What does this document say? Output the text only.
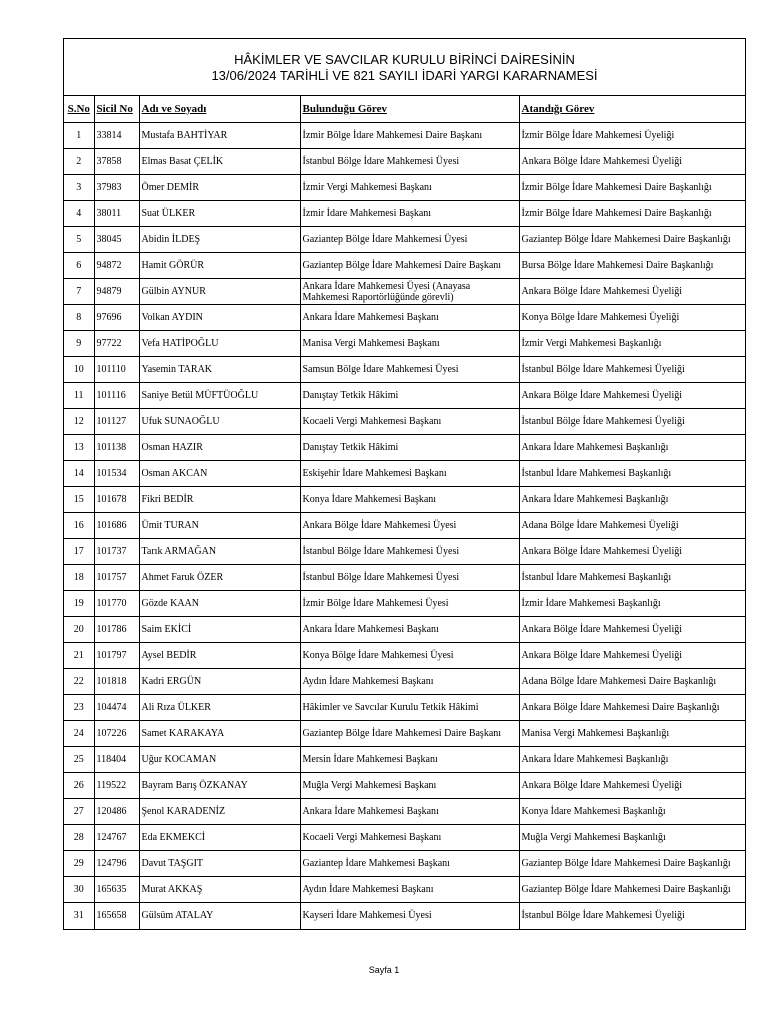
HÂKİMLER VE SAVCILAR KURULU BİRİNCİ DAİRESİNİN
13/06/2024 TARİHLİ VE 821 SAYILI İDARİ YARGI KARARNAMESİ
S.No	Sicil No	Adı ve Soyadı	Bulunduğu Görev	Atandığı Görev
1	33814	Mustafa BAHTİYAR	İzmir Bölge İdare Mahkemesi Daire Başkanı	İzmir Bölge İdare Mahkemesi Üyeliği
2	37858	Elmas Basat ÇELİK	İstanbul Bölge İdare Mahkemesi Üyesi	Ankara Bölge İdare Mahkemesi Üyeliği
3	37983	Ömer DEMİR	İzmir Vergi Mahkemesi Başkanı	İzmir Bölge İdare Mahkemesi Daire Başkanlığı
4	38011	Suat ÜLKER	İzmir İdare Mahkemesi Başkanı	İzmir Bölge İdare Mahkemesi Daire Başkanlığı
5	38045	Abidin İLDEŞ	Gaziantep Bölge İdare Mahkemesi Üyesi	Gaziantep Bölge İdare Mahkemesi Daire Başkanlığı
6	94872	Hamit GÖRÜR	Gaziantep Bölge İdare Mahkemesi Daire Başkanı	Bursa Bölge İdare Mahkemesi Daire Başkanlığı
7	94879	Gülbin AYNUR	Ankara İdare Mahkemesi Üyesi (Anayasa Mahkemesi Raportörlüğünde görevli)	Ankara Bölge İdare Mahkemesi Üyeliği
8	97696	Volkan AYDIN	Ankara İdare Mahkemesi Başkanı	Konya Bölge İdare Mahkemesi Üyeliği
9	97722	Vefa HATİPOĞLU	Manisa Vergi Mahkemesi Başkanı	İzmir Vergi Mahkemesi Başkanlığı
10	101110	Yasemin TARAK	Samsun Bölge İdare Mahkemesi Üyesi	İstanbul Bölge İdare Mahkemesi Üyeliği
11	101116	Saniye Betül MÜFTÜOĞLU	Danıştay Tetkik Hâkimi	Ankara Bölge İdare Mahkemesi Üyeliği
12	101127	Ufuk SUNAOĞLU	Kocaeli Vergi Mahkemesi Başkanı	İstanbul Bölge İdare Mahkemesi Üyeliği
13	101138	Osman HAZIR	Danıştay Tetkik Hâkimi	Ankara İdare Mahkemesi Başkanlığı
14	101534	Osman AKCAN	Eskişehir İdare Mahkemesi Başkanı	İstanbul İdare Mahkemesi Başkanlığı
15	101678	Fikri BEDİR	Konya İdare Mahkemesi Başkanı	Ankara İdare Mahkemesi Başkanlığı
16	101686	Ümit TURAN	Ankara Bölge İdare Mahkemesi Üyesi	Adana Bölge İdare Mahkemesi Üyeliği
17	101737	Tarık ARMAĞAN	İstanbul Bölge İdare Mahkemesi Üyesi	Ankara Bölge İdare Mahkemesi Üyeliği
18	101757	Ahmet Faruk ÖZER	İstanbul Bölge İdare Mahkemesi Üyesi	İstanbul İdare Mahkemesi Başkanlığı
19	101770	Gözde KAAN	İzmir Bölge İdare Mahkemesi Üyesi	İzmir İdare Mahkemesi Başkanlığı
20	101786	Saim EKİCİ	Ankara İdare Mahkemesi Başkanı	Ankara Bölge İdare Mahkemesi Üyeliği
21	101797	Aysel BEDİR	Konya Bölge İdare Mahkemesi Üyesi	Ankara Bölge İdare Mahkemesi Üyeliği
22	101818	Kadri ERGÜN	Aydın İdare Mahkemesi Başkanı	Adana Bölge İdare Mahkemesi Daire Başkanlığı
23	104474	Ali Rıza ÜLKER	Hâkimler ve Savcılar Kurulu Tetkik Hâkimi	Ankara Bölge İdare Mahkemesi Daire Başkanlığı
24	107226	Samet KARAKAYA	Gaziantep Bölge İdare Mahkemesi Daire Başkanı	Manisa Vergi Mahkemesi Başkanlığı
25	118404	Uğur KOCAMAN	Mersin İdare Mahkemesi Başkanı	Ankara İdare Mahkemesi Başkanlığı
26	119522	Bayram Barış ÖZKANAY	Muğla Vergi Mahkemesi Başkanı	Ankara Bölge İdare Mahkemesi Üyeliği
27	120486	Şenol KARADENİZ	Ankara İdare Mahkemesi Başkanı	Konya İdare Mahkemesi Başkanlığı
28	124767	Eda EKMEKCİ	Kocaeli Vergi Mahkemesi Başkanı	Muğla Vergi Mahkemesi Başkanlığı
29	124796	Davut TAŞGIT	Gaziantep İdare Mahkemesi Başkanı	Gaziantep Bölge İdare Mahkemesi Daire Başkanlığı
30	165635	Murat AKKAŞ	Aydın İdare Mahkemesi Başkanı	Gaziantep Bölge İdare Mahkemesi Daire Başkanlığı
31	165658	Gülsüm ATALAY	Kayseri İdare Mahkemesi Üyesi	İstanbul Bölge İdare Mahkemesi Üyeliği
Sayfa 1
